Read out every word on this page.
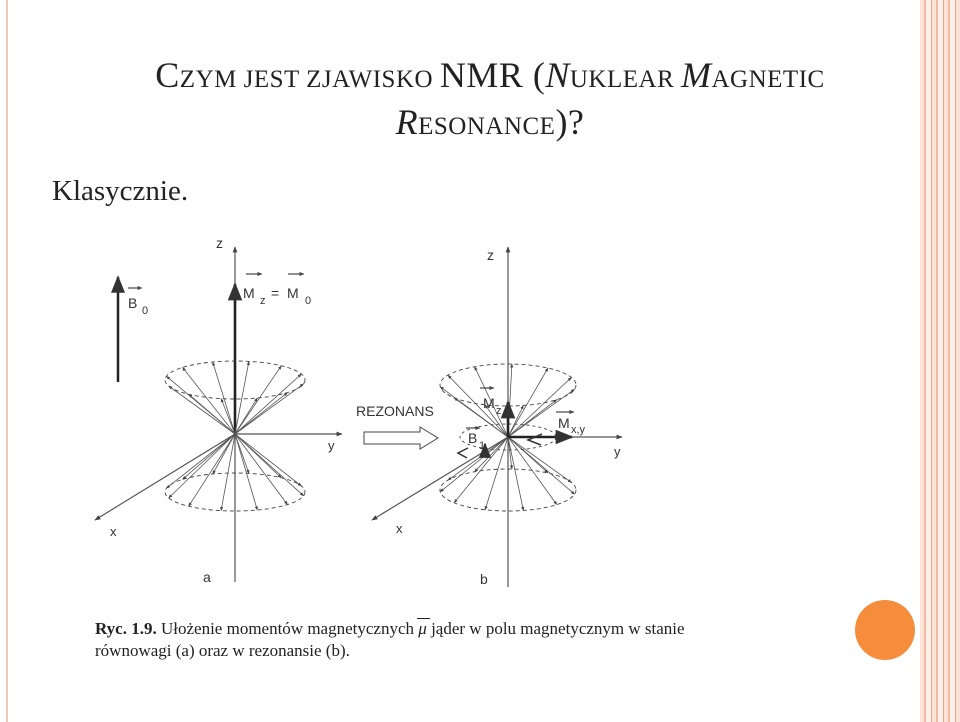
CZYM JEST ZJAWISKO NMR (NUKLEAR MAGNETIC
RESONANCE)?
Klasycznie.
B 0
z
M z = M 0
y
x
a
REZONANS
z
y
x
M z
M x,y
B 1
b
Ryc. 1.9. Ułożenie momentów magnetycznych μ jąder w polu magnetycznym w stanie
równowagi (a) oraz w rezonansie (b).
